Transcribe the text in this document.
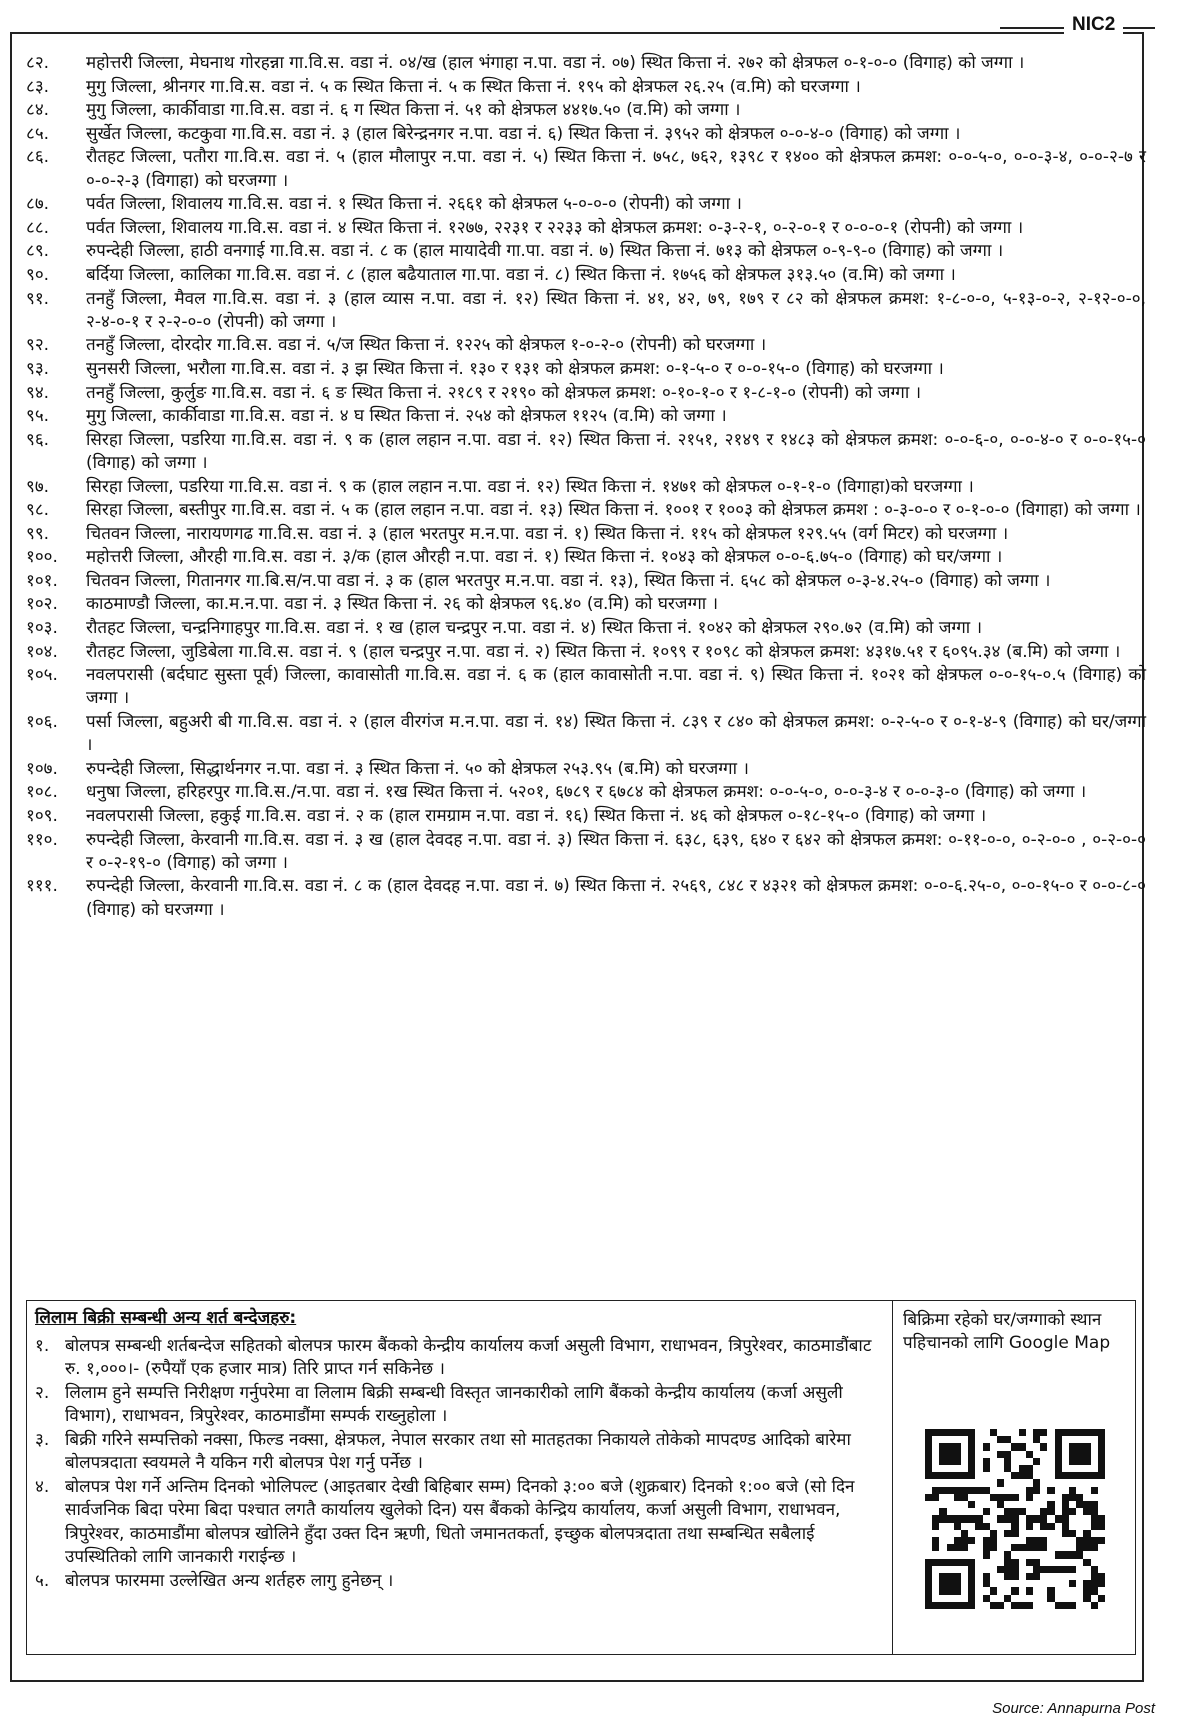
NIC2
८२.	महोत्तरी जिल्ला, मेघनाथ गोरहन्ना गा.वि.स. वडा नं. ०४/ख (हाल भंगाहा न.पा. वडा नं. ०७) स्थित कित्ता नं. २७२ को क्षेत्रफल ०-१-०-० (विगाह) को जग्गा ।
८३.	मुगु जिल्ला, श्रीनगर गा.वि.स. वडा नं. ५ क स्थित कित्ता नं. ५ क स्थित कित्ता नं. १९५ को क्षेत्रफल २६.२५ (व.मि) को घरजग्गा ।
८४.	मुगु जिल्ला, कार्कीवाडा गा.वि.स. वडा नं. ६ ग स्थित कित्ता नं. ५१ को क्षेत्रफल ४४१७.५० (व.मि) को जग्गा ।
८५.	सुर्खेत जिल्ला, कटकुवा गा.वि.स. वडा नं. ३ (हाल बिरेन्द्रनगर न.पा. वडा नं. ६) स्थित कित्ता नं. ३९५२ को क्षेत्रफल ०-०-४-० (विगाह) को जग्गा ।
८६.	रौतहट जिल्ला, पतौरा गा.वि.स. वडा नं. ५ (हाल मौलापुर न.पा. वडा नं. ५) स्थित कित्ता नं. ७५८, ७६२, १३९८ र १४०० को क्षेत्रफल क्रमश: ०-०-५-०, ०-०-३-४, ०-०-२-७ र ०-०-२-३ (विगाहा) को घरजग्गा ।
८७.	पर्वत जिल्ला, शिवालय गा.वि.स. वडा नं. १ स्थित कित्ता नं. २६६१ को क्षेत्रफल ५-०-०-० (रोपनी) को जग्गा ।
८८.	पर्वत जिल्ला, शिवालय गा.वि.स. वडा नं. ४ स्थित कित्ता नं. १२७७, २२३१ र २२३३ को क्षेत्रफल क्रमश: ०-३-२-१, ०-२-०-१ र ०-०-०-१ (रोपनी) को जग्गा ।
८९.	रुपन्देही जिल्ला, हाठी वनगाई गा.वि.स. वडा नं. ८ क (हाल मायादेवी गा.पा. वडा नं. ७) स्थित कित्ता नं. ७१३ को क्षेत्रफल ०-९-९-० (विगाह) को जग्गा ।
९०.	बर्दिया जिल्ला, कालिका गा.वि.स. वडा नं. ८ (हाल बढैयाताल गा.पा. वडा नं. ८) स्थित कित्ता नं. १७५६ को क्षेत्रफल ३१३.५० (व.मि) को जग्गा ।
९१.	तनहुँ जिल्ला, मैवल गा.वि.स. वडा नं. ३ (हाल व्यास न.पा. वडा नं. १२) स्थित कित्ता नं. ४१, ४२, ७९, १७९ र ८२ को क्षेत्रफल क्रमश: १-८-०-०, ५-१३-०-२, २-१२-०-०, २-४-०-१ र २-२-०-० (रोपनी) को जग्गा ।
९२.	तनहुँ जिल्ला, दोरदोर गा.वि.स. वडा नं. ५/ज स्थित कित्ता नं. १२२५ को क्षेत्रफल १-०-२-० (रोपनी) को घरजग्गा ।
९३.	सुनसरी जिल्ला, भरौला गा.वि.स. वडा नं. ३ झ स्थित कित्ता नं. १३० र १३१ को क्षेत्रफल क्रमश: ०-१-५-० र ०-०-१५-० (विगाह) को घरजग्गा ।
९४.	तनहुँ जिल्ला, कुर्लुङ गा.वि.स. वडा नं. ६ ङ स्थित कित्ता नं. २१८९ र २१९० को क्षेत्रफल क्रमश: ०-१०-१-० र १-८-१-० (रोपनी) को जग्गा ।
९५.	मुगु जिल्ला, कार्कीवाडा गा.वि.स. वडा नं. ४ घ स्थित कित्ता नं. २५४ को क्षेत्रफल ११२५ (व.मि) को जग्गा ।
९६.	सिरहा जिल्ला, पडरिया गा.वि.स. वडा नं. ९ क (हाल लहान न.पा. वडा नं. १२) स्थित कित्ता नं. २१५१, २१४९ र १४८३ को क्षेत्रफल क्रमश: ०-०-६-०, ०-०-४-० र ०-०-१५-० (विगाह) को जग्गा ।
९७.	सिरहा जिल्ला, पडरिया गा.वि.स. वडा नं. ९ क (हाल लहान न.पा. वडा नं. १२) स्थित कित्ता नं. १४७१ को क्षेत्रफल ०-१-१-० (विगाहा)को घरजग्गा ।
९८.	सिरहा जिल्ला, बस्तीपुर गा.वि.स. वडा नं. ५ क (हाल लहान न.पा. वडा नं. १३) स्थित कित्ता नं. १००१ र १००३ को क्षेत्रफल क्रमश : ०-३-०-० र ०-१-०-० (विगाहा) को जग्गा ।
९९.	चितवन जिल्ला, नारायणगढ गा.वि.स. वडा नं. ३ (हाल भरतपुर म.न.पा. वडा नं. १) स्थित कित्ता नं. ११५ को क्षेत्रफल १२९.५५ (वर्ग मिटर) को घरजग्गा ।
१००.	महोत्तरी जिल्ला, औरही गा.वि.स. वडा नं. ३/क (हाल औरही न.पा. वडा नं. १) स्थित कित्ता नं. १०४३ को क्षेत्रफल ०-०-६.७५-० (विगाह) को घर/जग्गा ।
१०१.	चितवन जिल्ला, गितानगर गा.बि.स/न.पा वडा नं. ३ क (हाल भरतपुर म.न.पा. वडा नं. १३), स्थित कित्ता नं. ६५८ को क्षेत्रफल ०-३-४.२५-० (विगाह) को जग्गा ।
१०२.	काठमाण्डौ जिल्ला, का.म.न.पा. वडा नं. ३ स्थित कित्ता नं. २६ को क्षेत्रफल ९६.४० (व.मि) को घरजग्गा ।
१०३.	रौतहट जिल्ला, चन्द्रनिगाहपुर गा.वि.स. वडा नं. १ ख (हाल चन्द्रपुर न.पा. वडा नं. ४) स्थित कित्ता नं. १०४२ को क्षेत्रफल २९०.७२ (व.मि) को जग्गा ।
१०४.	रौतहट जिल्ला, जुडिबेला गा.वि.स. वडा नं. ९ (हाल चन्द्रपुर न.पा. वडा नं. २) स्थित कित्ता नं. १०९९ र १०९८ को क्षेत्रफल क्रमश: ४३१७.५१ र ६०९५.३४ (ब.मि) को जग्गा ।
१०५.	नवलपरासी (बर्दघाट सुस्ता पूर्व) जिल्ला, कावासोती गा.वि.स. वडा नं. ६ क (हाल कावासोती न.पा. वडा नं. ९) स्थित कित्ता नं. १०२१ को क्षेत्रफल ०-०-१५-०.५ (विगाह) को जग्गा ।
१०६.	पर्सा जिल्ला, बहुअरी बी गा.वि.स. वडा नं. २ (हाल वीरगंज म.न.पा. वडा नं. १४) स्थित कित्ता नं. ८३९ र ८४० को क्षेत्रफल क्रमश: ०-२-५-० र ०-१-४-९ (विगाह) को घर/जग्गा ।
१०७.	रुपन्देही जिल्ला, सिद्धार्थनगर न.पा. वडा नं. ३ स्थित कित्ता नं. ५० को क्षेत्रफल २५३.९५ (ब.मि) को घरजग्गा ।
१०८.	धनुषा जिल्ला, हरिहरपुर गा.वि.स./न.पा. वडा नं. १ख स्थित कित्ता नं. ५२०१, ६७८९ र ६७८४ को क्षेत्रफल क्रमश: ०-०-५-०, ०-०-३-४ र ०-०-३-० (विगाह) को जग्गा ।
१०९.	नवलपरासी जिल्ला, हकुई गा.वि.स. वडा नं. २ क (हाल रामग्राम न.पा. वडा नं. १६) स्थित कित्ता नं. ४६ को क्षेत्रफल ०-१८-१५-० (विगाह) को जग्गा ।
११०.	रुपन्देही जिल्ला, केरवानी गा.वि.स. वडा नं. ३ ख (हाल देवदह न.पा. वडा नं. ३) स्थित कित्ता नं. ६३८, ६३९, ६४० र ६४२ को क्षेत्रफल क्रमश: ०-११-०-०, ०-२-०-० , ०-२-०-० र ०-२-१९-० (विगाह) को जग्गा ।
१११.	रुपन्देही जिल्ला, केरवानी गा.वि.स. वडा नं. ८ क (हाल देवदह न.पा. वडा नं. ७) स्थित कित्ता नं. २५६९, ८४८ र ४३२१ को क्षेत्रफल क्रमश: ०-०-६.२५-०, ०-०-१५-० र ०-०-८-० (विगाह) को घरजग्गा ।
लिलाम बिक्री सम्बन्धी अन्य शर्त बन्देजहरु:
१. बोलपत्र सम्बन्धी शर्तबन्देज सहितको बोलपत्र फारम बैंकको केन्द्रीय कार्यालय कर्जा असुली विभाग, राधाभवन, त्रिपुरेश्वर, काठमाडौंबाट रु. १,०००।- (रुपैयाँ एक हजार मात्र) तिरि प्राप्त गर्न सकिनेछ ।
२. लिलाम हुने सम्पत्ति निरीक्षण गर्नुपरेमा वा लिलाम बिक्री सम्बन्धी विस्तृत जानकारीको लागि बैंकको केन्द्रीय कार्यालय (कर्जा असुली विभाग), राधाभवन, त्रिपुरेश्वर, काठमाडौंमा सम्पर्क राख्नुहोला ।
३. बिक्री गरिने सम्पत्तिको नक्सा, फिल्ड नक्सा, क्षेत्रफल, नेपाल सरकार तथा सो मातहतका निकायले तोकेको मापदण्ड आदिको बारेमा बोलपत्रदाता स्वयमले नै यकिन गरी बोलपत्र पेश गर्नु पर्नेछ ।
४. बोलपत्र पेश गर्ने अन्तिम दिनको भोलिपल्ट (आइतबार देखी बिहिबार सम्म) दिनको ३:०० बजे (शुक्रबार) दिनको १:०० बजे (सो दिन सार्वजनिक बिदा परेमा बिदा पश्चात लगतै कार्यालय खुलेको दिन) यस बैंकको केन्द्रिय कार्यालय, कर्जा असुली विभाग, राधाभवन, त्रिपुरेश्वर, काठमाडौंमा बोलपत्र खोलिने हुँदा उक्त दिन ऋणी, धितो जमानतकर्ता, इच्छुक बोलपत्रदाता तथा सम्बन्धित सबैलाई उपस्थितिको लागि जानकारी गराईन्छ ।
५. बोलपत्र फारममा उल्लेखित अन्य शर्तहरु लागु हुनेछन् ।
बिक्रिमा रहेको घर/जग्गाको स्थान पहिचानको लागि Google Map
Source: Annapurna Post
